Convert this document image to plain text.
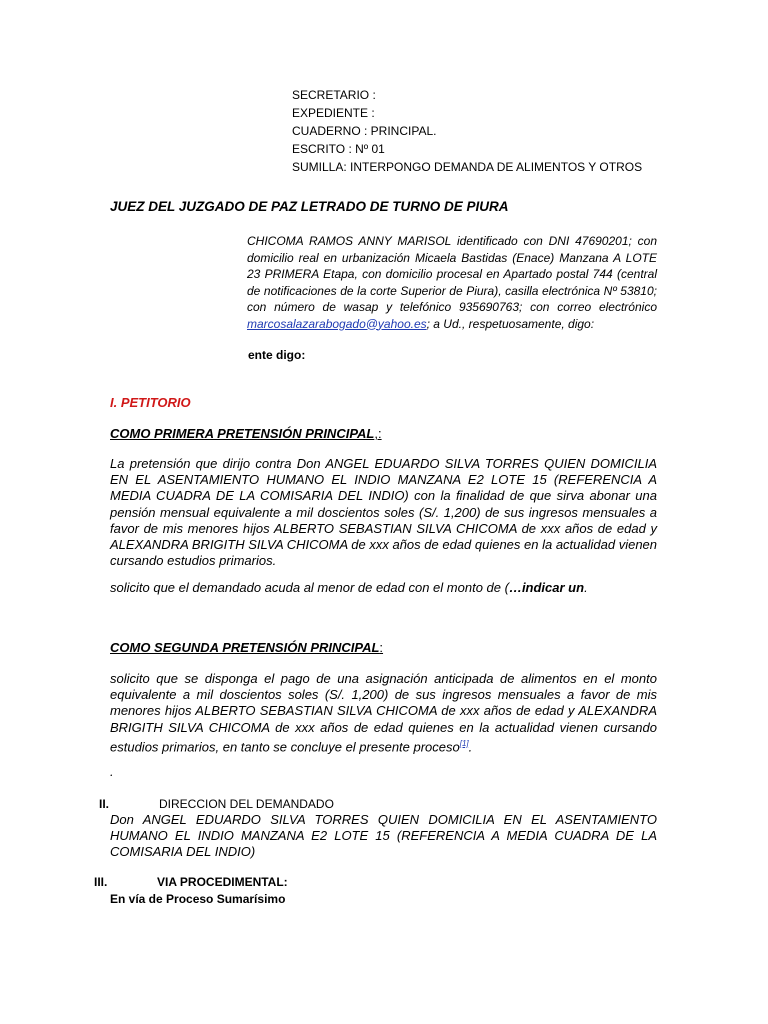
SECRETARIO :
EXPEDIENTE :
CUADERNO : PRINCIPAL.
ESCRITO : Nº 01
SUMILLA: INTERPONGO DEMANDA DE ALIMENTOS Y OTROS
JUEZ DEL JUZGADO DE PAZ LETRADO DE TURNO DE PIURA
CHICOMA RAMOS ANNY MARISOL identificado con DNI 47690201; con domicilio real en urbanización Micaela Bastidas (Enace) Manzana A LOTE 23 PRIMERA Etapa, con domicilio procesal en Apartado postal 744 (central de notificaciones de la corte Superior de Piura), casilla electrónica Nº 53810; con número de wasap y telefónico 935690763; con correo electrónico marcosalazarabogado@yahoo.es; a Ud., respetuosamente, digo:
ente digo:
I. PETITORIO
COMO PRIMERA PRETENSIÓN PRINCIPAL,:
La pretensión que dirijo contra Don ANGEL EDUARDO SILVA TORRES QUIEN DOMICILIA EN EL ASENTAMIENTO HUMANO EL INDIO MANZANA E2 LOTE 15 (REFERENCIA A MEDIA CUADRA DE LA COMISARIA DEL INDIO) con la finalidad de que sirva abonar una pensión mensual equivalente a mil doscientos soles (S/. 1,200) de sus ingresos mensuales a favor de mis menores hijos ALBERTO SEBASTIAN SILVA CHICOMA de xxx años de edad y ALEXANDRA BRIGITH SILVA CHICOMA de xxx años de edad quienes en la actualidad vienen cursando estudios primarios.
solicito que el demandado acuda al menor de edad con el monto de (…indicar un.
COMO SEGUNDA PRETENSIÓN PRINCIPAL:
solicito que se disponga el pago de una asignación anticipada de alimentos en el monto equivalente a mil doscientos soles (S/. 1,200) de sus ingresos mensuales a favor de mis menores hijos ALBERTO SEBASTIAN SILVA CHICOMA de xxx años de edad y ALEXANDRA BRIGITH SILVA CHICOMA de xxx años de edad quienes en la actualidad vienen cursando estudios primarios, en tanto se concluye el presente proceso[1].
.
II.	DIRECCION DEL DEMANDADO
Don ANGEL EDUARDO SILVA TORRES QUIEN DOMICILIA EN EL ASENTAMIENTO HUMANO EL INDIO MANZANA E2 LOTE 15 (REFERENCIA A MEDIA CUADRA DE LA COMISARIA DEL INDIO)
III.	VIA PROCEDIMENTAL:
En vía de Proceso Sumarísimo
